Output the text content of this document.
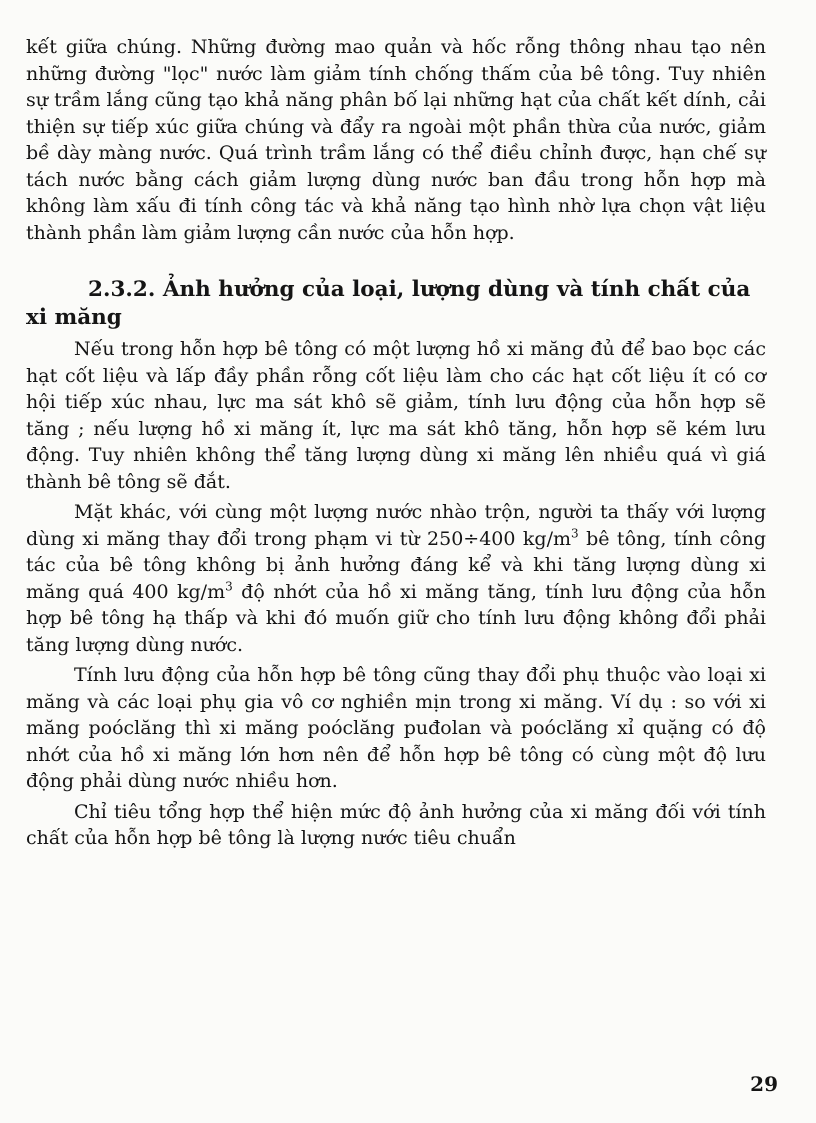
kết giữa chúng. Những đường mao quản và hốc rỗng thông nhau tạo nên những đường "lọc" nước làm giảm tính chống thấm của bê tông. Tuy nhiên sự trầm lắng cũng tạo khả năng phân bố lại những hạt của chất kết dính, cải thiện sự tiếp xúc giữa chúng và đẩy ra ngoài một phần thừa của nước, giảm bề dày màng nước. Quá trình trầm lắng có thể điều chỉnh được, hạn chế sự tách nước bằng cách giảm lượng dùng nước ban đầu trong hỗn hợp mà không làm xấu đi tính công tác và khả năng tạo hình nhờ lựa chọn vật liệu thành phần làm giảm lượng cần nước của hỗn hợp.

2.3.2. Ảnh hưởng của loại, lượng dùng và tính chất của xi măng

Nếu trong hỗn hợp bê tông có một lượng hồ xi măng đủ để bao bọc các hạt cốt liệu và lấp đầy phần rỗng cốt liệu làm cho các hạt cốt liệu ít có cơ hội tiếp xúc nhau, lực ma sát khô sẽ giảm, tính lưu động của hỗn hợp sẽ tăng ; nếu lượng hồ xi măng ít, lực ma sát khô tăng, hỗn hợp sẽ kém lưu động. Tuy nhiên không thể tăng lượng dùng xi măng lên nhiều quá vì giá thành bê tông sẽ đắt.

Mặt khác, với cùng một lượng nước nhào trộn, người ta thấy với lượng dùng xi măng thay đổi trong phạm vi từ 250÷400 $kg/m^3$ bê tông, tính công tác của bê tông không bị ảnh hưởng đáng kể và khi tăng lượng dùng xi măng quá 400 $kg/m^3$ độ nhớt của hồ xi măng tăng, tính lưu động của hỗn hợp bê tông hạ thấp và khi đó muốn giữ cho tính lưu động không đổi phải tăng lượng dùng nước.

Tính lưu động của hỗn hợp bê tông cũng thay đổi phụ thuộc vào loại xi măng và các loại phụ gia vô cơ nghiền mịn trong xi măng. Ví dụ : so với xi măng poóclăng thì xi măng poóclăng puđolan và poóclăng xỉ quặng có độ nhớt của hồ xi măng lớn hơn nên để hỗn hợp bê tông có cùng một độ lưu động phải dùng nước nhiều hơn.

Chỉ tiêu tổng hợp thể hiện mức độ ảnh hưởng của xi măng đối với tính chất của hỗn hợp bê tông là lượng nước tiêu chuẩn

29
